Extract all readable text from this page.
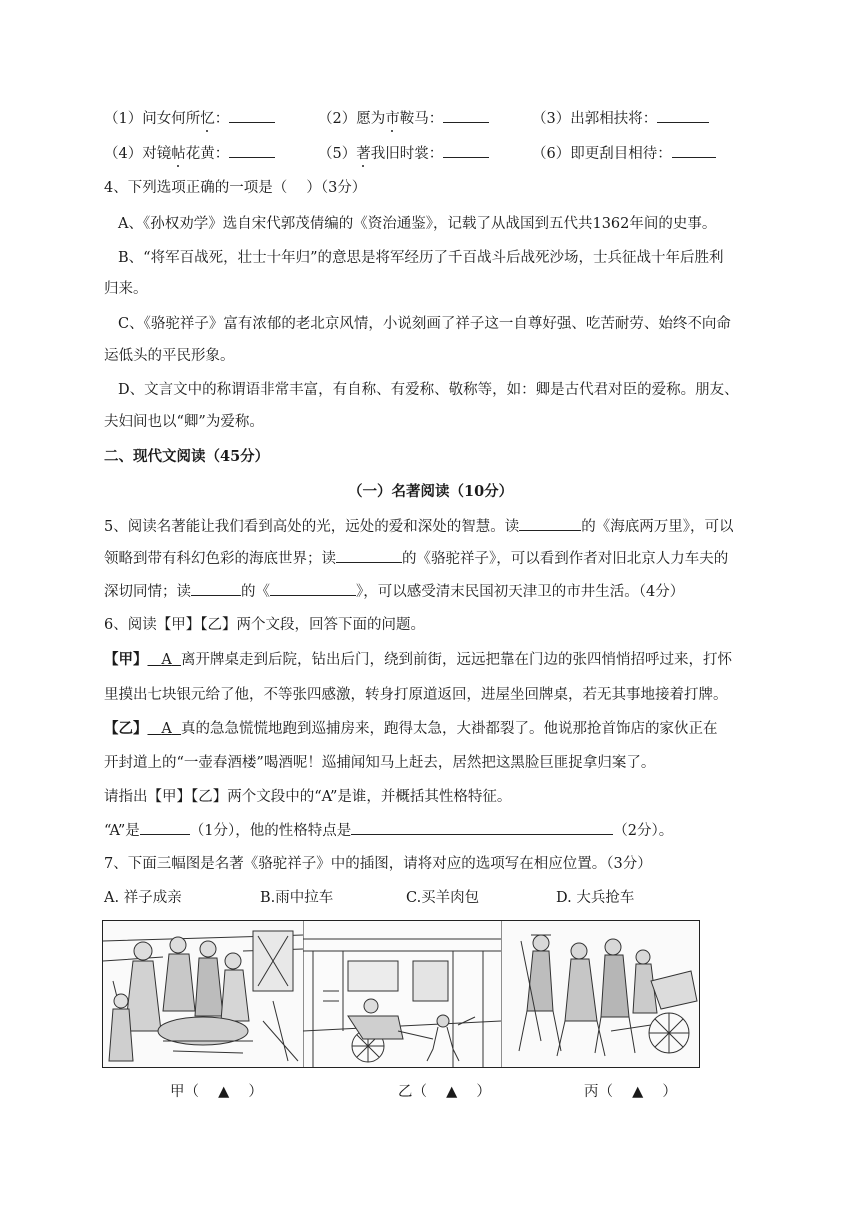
（1）问女何所忆：	（2）愿为市鞍马：	（3）出郭相扶将：
（4）对镜帖花黄：	（5）著我旧时裳：	（6）即更刮目相待：
4、下列选项正确的一项是（　 ）（3分）
A、《孙权劝学》选自宋代郭茂倩编的《资治通鉴》，记载了从战国到五代共1362年间的史事。
B、“将军百战死，壮士十年归”的意思是将军经历了千百战斗后战死沙场，士兵征战十年后胜利
归来。
C、《骆驼祥子》富有浓郁的老北京风情，小说刻画了祥子这一自尊好强、吃苦耐劳、始终不向命
运低头的平民形象。
D、文言文中的称谓语非常丰富，有自称、有爱称、敬称等，如：卿是古代君对臣的爱称。朋友、
夫妇间也以“卿”为爱称。
二、现代文阅读（45分）
（一）名著阅读（10分）
5、阅读名著能让我们看到高处的光，远处的爱和深处的智慧。读	的《海底两万里》，可以
领略到带有科幻色彩的海底世界；读	的《骆驼祥子》，可以看到作者对旧北京人力车夫的
深切同情；读	的《	》，可以感受清末民国初天津卫的市井生活。（4分）
6、阅读【甲】【乙】两个文段，回答下面的问题。
【甲】 A 离开牌桌走到后院，钻出后门，绕到前街，远远把靠在门边的张四悄悄招呼过来，打怀
里摸出七块银元给了他，不等张四感激，转身打原道返回，进屋坐回牌桌，若无其事地接着打牌。
【乙】 A 真的急急慌慌地跑到巡捕房来，跑得太急，大褂都裂了。他说那抢首饰店的家伙正在
开封道上的“一壶春酒楼”喝酒呢！巡捕闻知马上赶去，居然把这黑脸巨匪捉拿归案了。
请指出【甲】【乙】两个文段中的“A”是谁，并概括其性格特征。
“A”是	（1分），他的性格特点是	（2分）。
7、下面三幅图是名著《骆驼祥子》中的插图，请将对应的选项写在相应位置。（3分）
A. 祥子成亲	B.雨中拉车	C.买羊肉包	D. 大兵抢车
甲（　 ▲　 ）	乙（　 ▲　 ）	丙（　 ▲　 ）
